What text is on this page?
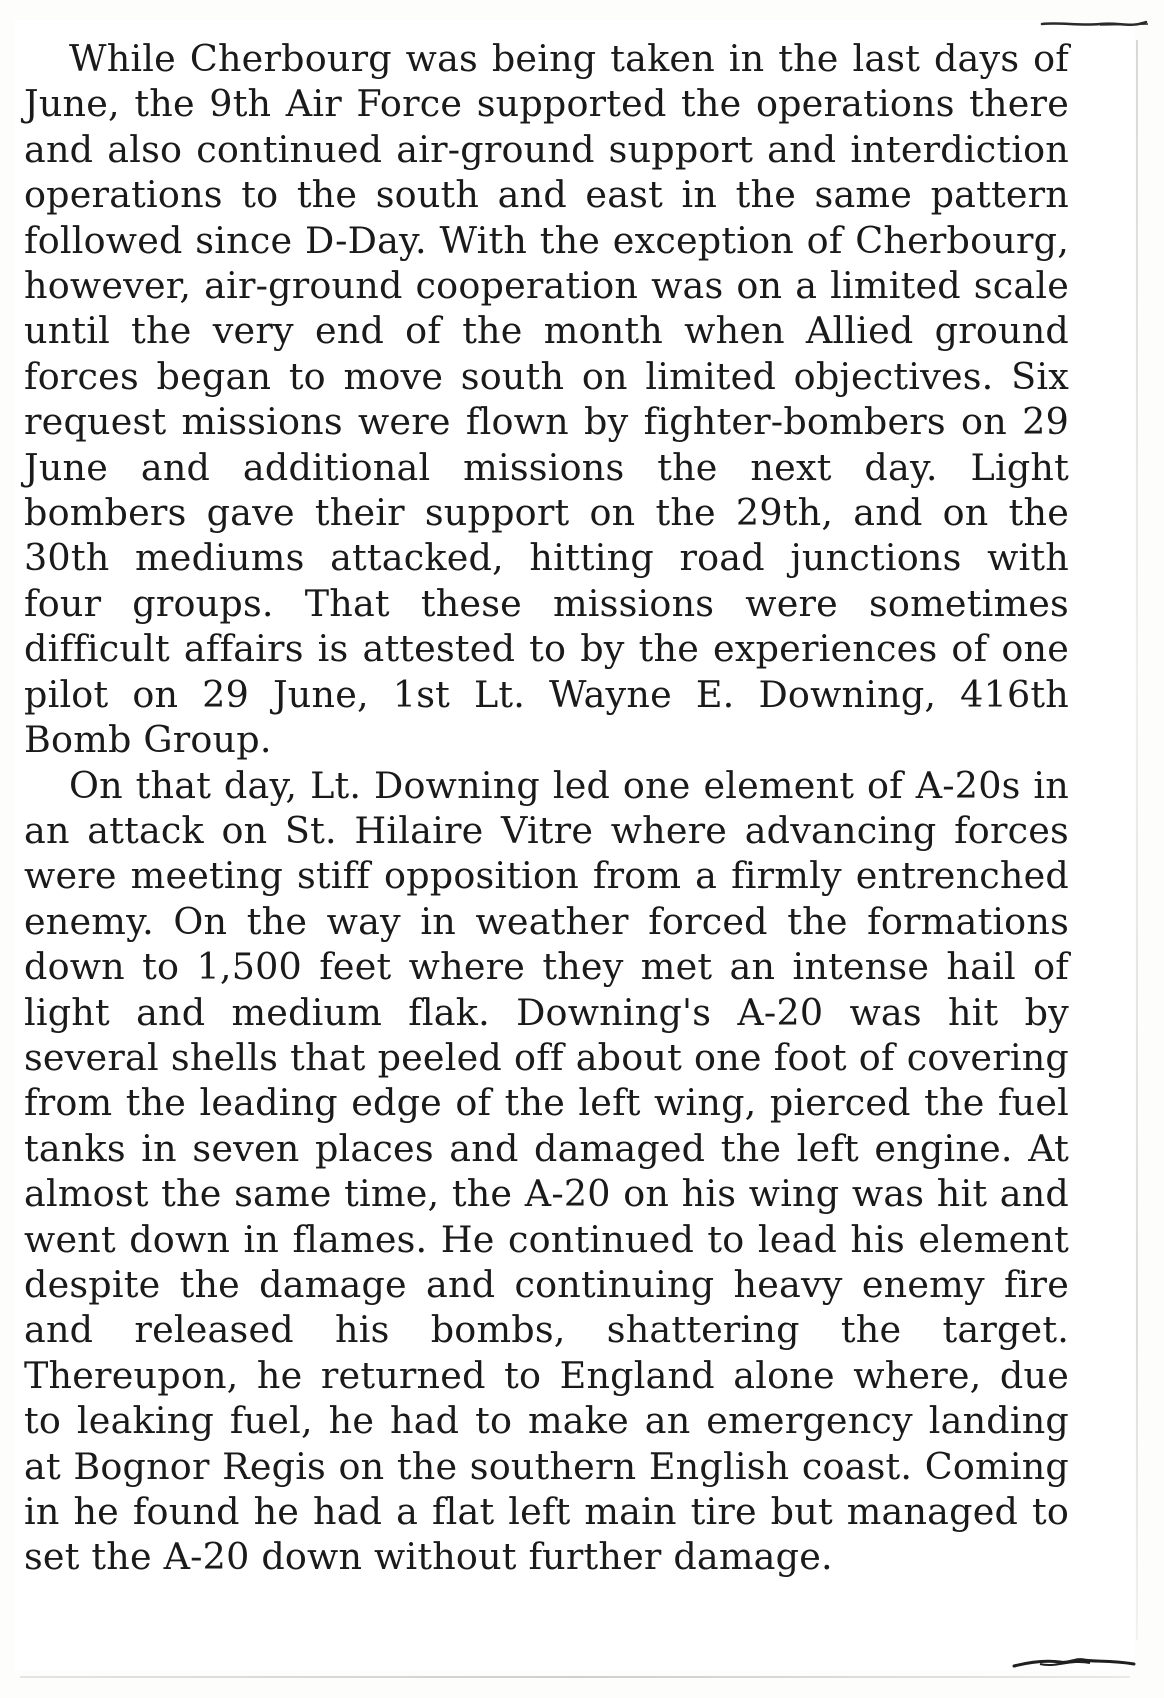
While Cherbourg was being taken in the last days of June, the 9th Air Force supported the operations there and also continued air-ground support and interdiction operations to the south and east in the same pattern followed since D-Day. With the exception of Cherbourg, however, air-ground cooperation was on a limited scale until the very end of the month when Allied ground forces began to move south on limited objectives. Six request missions were flown by fighter-bombers on 29 June and additional missions the next day. Light bombers gave their support on the 29th, and on the 30th mediums attacked, hitting road junctions with four groups. That these missions were sometimes difficult affairs is attested to by the experiences of one pilot on 29 June, 1st Lt. Wayne E. Downing, 416th Bomb Group.

On that day, Lt. Downing led one element of A-20s in an attack on St. Hilaire Vitre where advancing forces were meeting stiff opposition from a firmly entrenched enemy. On the way in weather forced the formations down to 1,500 feet where they met an intense hail of light and medium flak. Downing's A-20 was hit by several shells that peeled off about one foot of covering from the leading edge of the left wing, pierced the fuel tanks in seven places and damaged the left engine. At almost the same time, the A-20 on his wing was hit and went down in flames. He continued to lead his element despite the damage and continuing heavy enemy fire and released his bombs, shattering the target. Thereupon, he returned to England alone where, due to leaking fuel, he had to make an emergency landing at Bognor Regis on the southern English coast. Coming in he found he had a flat left main tire but managed to set the A-20 down without further damage.
